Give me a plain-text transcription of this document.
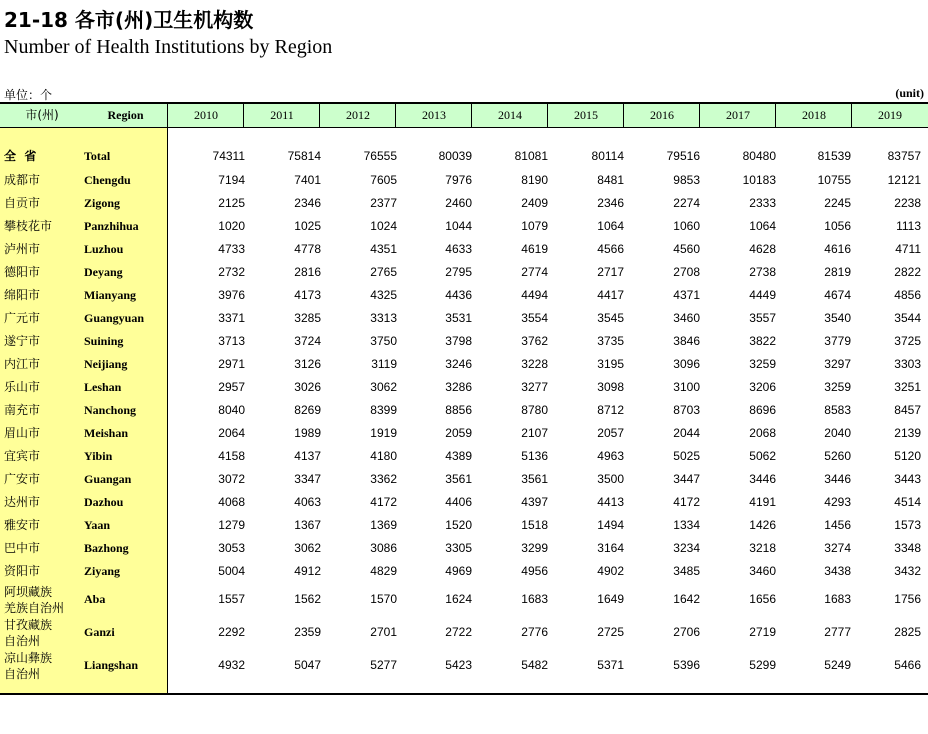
21-18 各市(州)卫生机构数
Number of Health Institutions by Region
单位：个	(unit)
市(州)	Region	2010	2011	2012	2013	2014	2015	2016	2017	2018	2019
全  省	Total	74311	75814	76555	80039	81081	80114	79516	80480	81539	83757
成都市	Chengdu	7194	7401	7605	7976	8190	8481	9853	10183	10755	12121
自贡市	Zigong	2125	2346	2377	2460	2409	2346	2274	2333	2245	2238
攀枝花市	Panzhihua	1020	1025	1024	1044	1079	1064	1060	1064	1056	1113
泸州市	Luzhou	4733	4778	4351	4633	4619	4566	4560	4628	4616	4711
德阳市	Deyang	2732	2816	2765	2795	2774	2717	2708	2738	2819	2822
绵阳市	Mianyang	3976	4173	4325	4436	4494	4417	4371	4449	4674	4856
广元市	Guangyuan	3371	3285	3313	3531	3554	3545	3460	3557	3540	3544
遂宁市	Suining	3713	3724	3750	3798	3762	3735	3846	3822	3779	3725
内江市	Neijiang	2971	3126	3119	3246	3228	3195	3096	3259	3297	3303
乐山市	Leshan	2957	3026	3062	3286	3277	3098	3100	3206	3259	3251
南充市	Nanchong	8040	8269	8399	8856	8780	8712	8703	8696	8583	8457
眉山市	Meishan	2064	1989	1919	2059	2107	2057	2044	2068	2040	2139
宜宾市	Yibin	4158	4137	4180	4389	5136	4963	5025	5062	5260	5120
广安市	Guangan	3072	3347	3362	3561	3561	3500	3447	3446	3446	3443
达州市	Dazhou	4068	4063	4172	4406	4397	4413	4172	4191	4293	4514
雅安市	Yaan	1279	1367	1369	1520	1518	1494	1334	1426	1456	1573
巴中市	Bazhong	3053	3062	3086	3305	3299	3164	3234	3218	3274	3348
资阳市	Ziyang	5004	4912	4829	4969	4956	4902	3485	3460	3438	3432
阿坝藏族
羌族自治州
Aba	1557	1562	1570	1624	1683	1649	1642	1656	1683	1756
甘孜藏族
自治州
Ganzi	2292	2359	2701	2722	2776	2725	2706	2719	2777	2825
凉山彝族
自治州
Liangshan	4932	5047	5277	5423	5482	5371	5396	5299	5249	5466
